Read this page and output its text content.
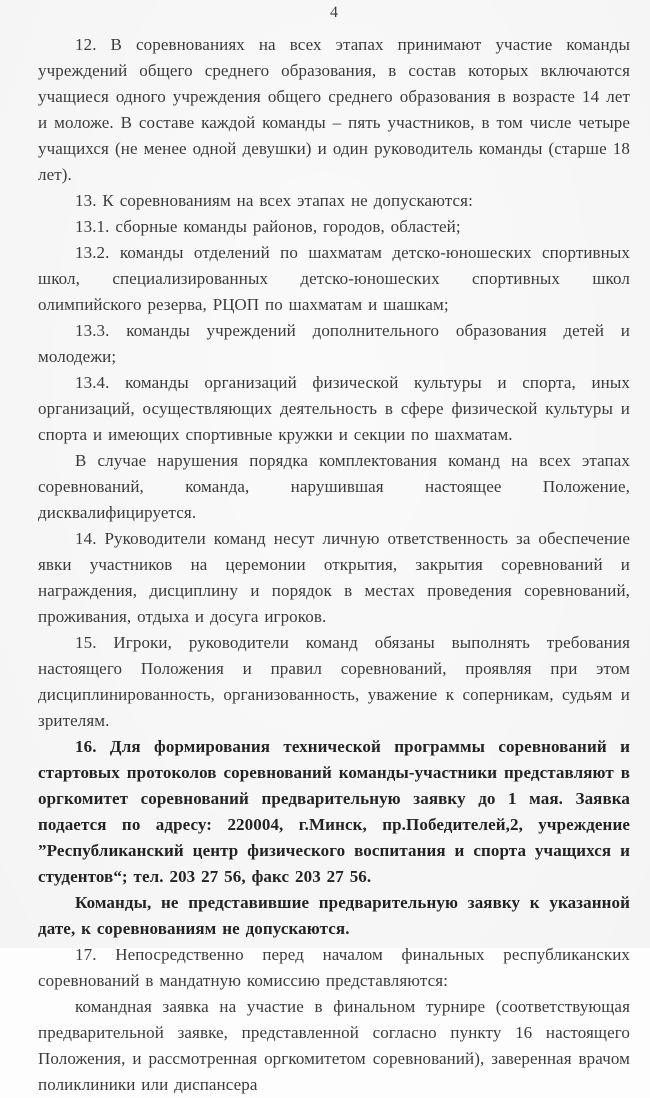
4

12. В соревнованиях на всех этапах принимают участие команды учреждений общего среднего образования, в состав которых включаются учащиеся одного учреждения общего среднего образования в возрасте 14 лет и моложе. В составе каждой команды – пять участников, в том числе четыре учащихся (не менее одной девушки) и один руководитель команды (старше 18 лет).

13. К соревнованиям на всех этапах не допускаются:

13.1. сборные команды районов, городов, областей;

13.2. команды отделений по шахматам детско-юношеских спортивных школ, специализированных детско-юношеских спортивных школ олимпийского резерва, РЦОП по шахматам и шашкам;

13.3. команды учреждений дополнительного образования детей и молодежи;

13.4. команды организаций физической культуры и спорта, иных организаций, осуществляющих деятельность в сфере физической культуры и спорта и имеющих спортивные кружки и секции по шахматам.

В случае нарушения порядка комплектования команд на всех этапах соревнований, команда, нарушившая настоящее Положение, дисквалифицируется.

14. Руководители команд несут личную ответственность за обеспечение явки участников на церемонии открытия, закрытия соревнований и награждения, дисциплину и порядок в местах проведения соревнований, проживания, отдыха и досуга игроков.

15. Игроки, руководители команд обязаны выполнять требования настоящего Положения и правил соревнований, проявляя при этом дисциплинированность, организованность, уважение к соперникам, судьям и зрителям.

16. Для формирования технической программы соревнований и стартовых протоколов соревнований команды-участники представляют в оргкомитет соревнований предварительную заявку до 1 мая. Заявка подается по адресу: 220004, г.Минск, пр.Победителей,2, учреждение ”Республиканский центр физического воспитания и спорта учащихся и студентов“; тел. 203 27 56, факс 203 27 56.

Команды, не представившие предварительную заявку к указанной дате, к соревнованиям не допускаются.

17. Непосредственно перед началом финальных республиканских соревнований в мандатную комиссию представляются:

командная заявка на участие в финальном турнире (соответствующая предварительной заявке, представленной согласно пункту 16 настоящего Положения, и рассмотренная оргкомитетом соревнований), заверенная врачом поликлиники или диспансера
